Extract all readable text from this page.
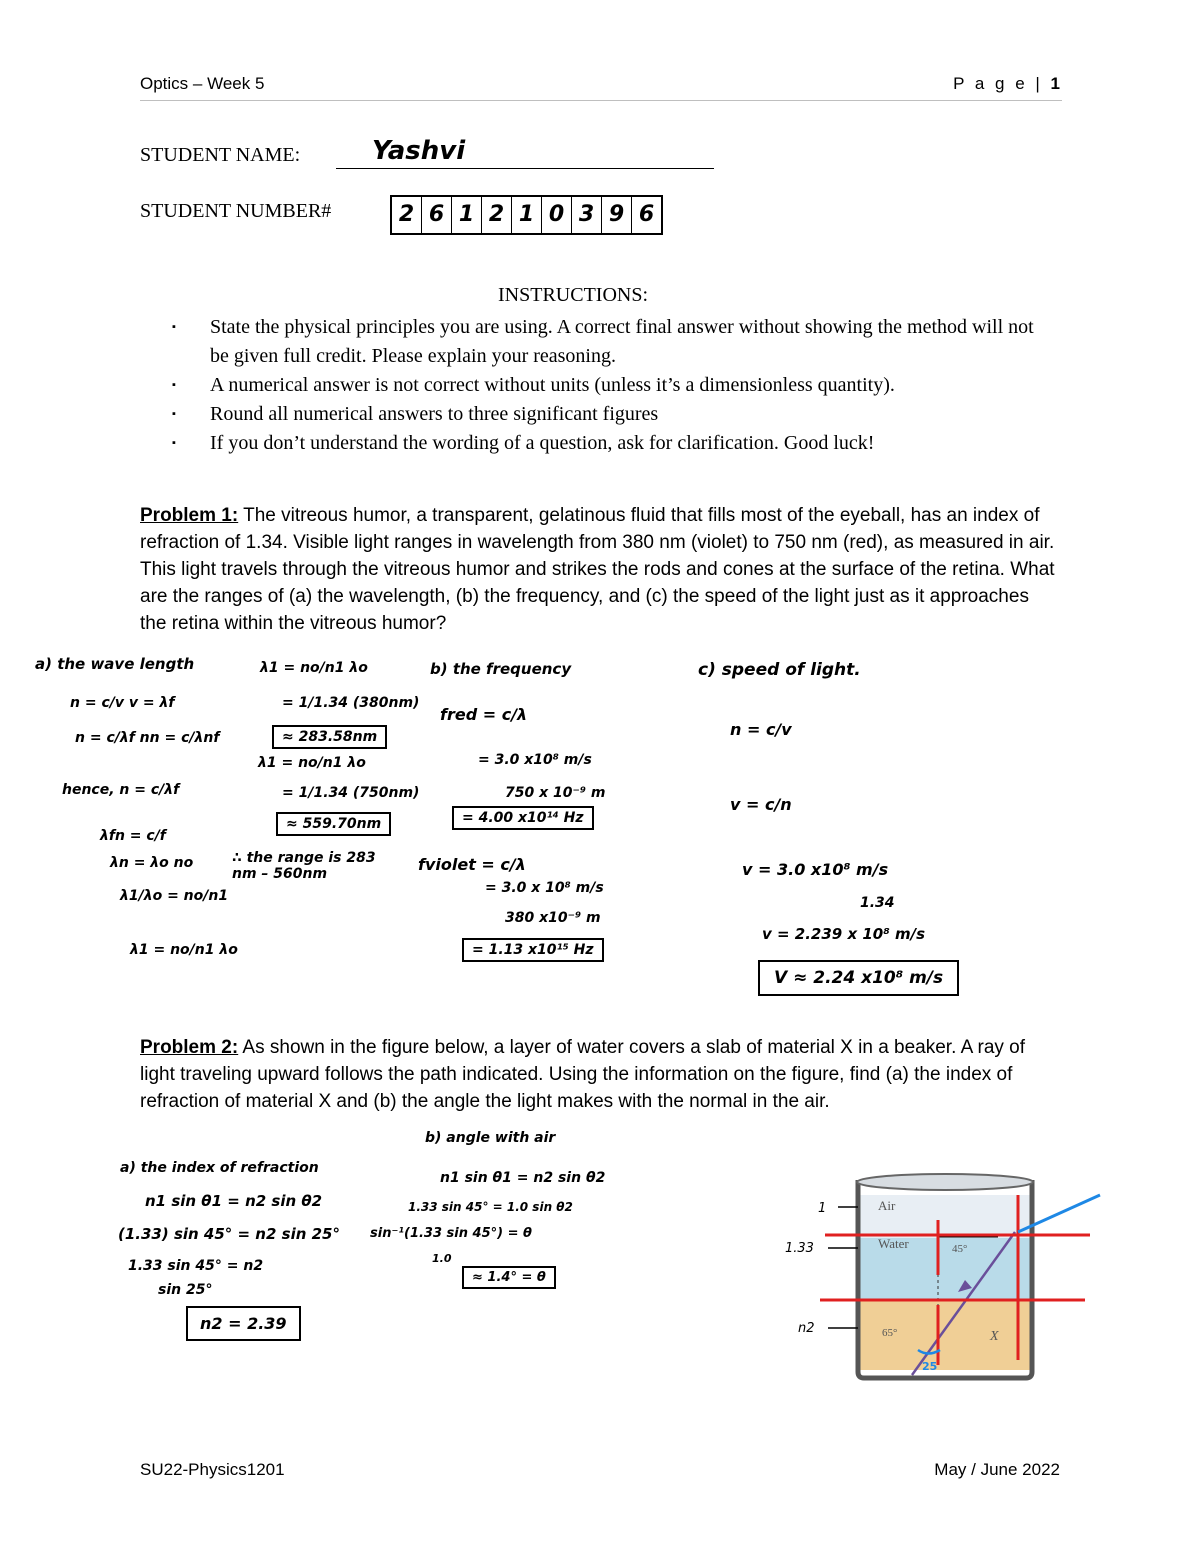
Optics – Week 5	P a g e | 1
STUDENT NAME:	Yashvi
STUDENT NUMBER#	2 6 1 2 1 0 3 9 6
INSTRUCTIONS:
▪ State the physical principles you are using. A correct final answer without showing the method will not be given full credit. Please explain your reasoning.
▪ A numerical answer is not correct without units (unless it’s a dimensionless quantity).
▪ Round all numerical answers to three significant figures
▪ If you don’t understand the wording of a question, ask for clarification. Good luck!
Problem 1: The vitreous humor, a transparent, gelatinous fluid that fills most of the eyeball, has an index of refraction of 1.34. Visible light ranges in wavelength from 380 nm (violet) to 750 nm (red), as measured in air. This light travels through the vitreous humor and strikes the rods and cones at the surface of the retina. What are the ranges of (a) the wavelength, (b) the frequency, and (c) the speed of the light just as it approaches the retina within the vitreous humor?
a) the wave length
n = c/v v = λf
n = c/λf nn = c/λnf
hence, n = c/λf
λfn = c/f
λn = λo no
λ1/λo = no/n1
λ1 = no/n1 λo
λ1 = no/n1 λo
= 1/1.34 (380nm)
≈ 283.58nm
λ1 = no/n1 λo
= 1/1.34 (750nm)
≈ 559.70nm
∴ the range is 283 nm – 560nm
b) the frequency
fred = c/λ
= 3.0 x10⁸ m/s
750 x 10⁻⁹ m
= 4.00 x10¹⁴ Hz
fviolet = c/λ
= 3.0 x 10⁸ m/s
380 x10⁻⁹ m
= 1.13 x10¹⁵ Hz
c) speed of light.
n = c/v
v = c/n
v = 3.0 x10⁸ m/s
1.34
v = 2.239 x 10⁸ m/s
V ≈ 2.24 x10⁸ m/s
Problem 2: As shown in the figure below, a layer of water covers a slab of material X in a beaker. A ray of light traveling upward follows the path indicated. Using the information on the figure, find (a) the index of refraction of material X and (b) the angle the light makes with the normal in the air.
a) the index of refraction
n1 sin θ1 = n2 sin θ2
(1.33) sin 45° = n2 sin 25°
1.33 sin 45° = n2
sin 25°
n2 = 2.39
b) angle with air
n1 sin θ1 = n2 sin θ2
1.33 sin 45° = 1.0 sin θ2
sin⁻¹(1.33 sin 45°) = θ
1.0
≈ 1.4° = θ
Air
Water
X
45°
65°
25
1
1.33
n2
SU22-Physics1201	May / June 2022
